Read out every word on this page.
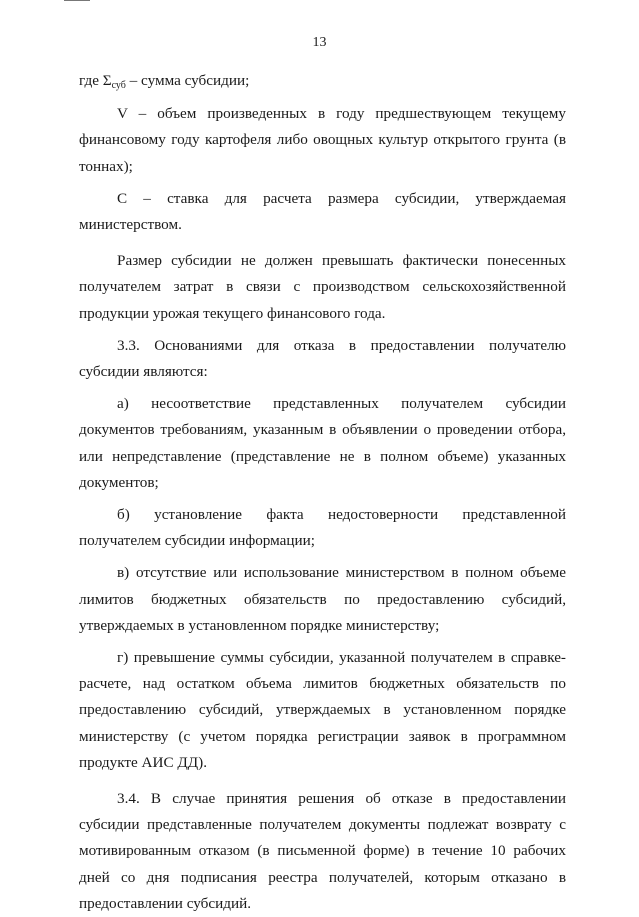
13

где $\Sigma_{суб}$ – сумма субсидии;

V – объем произведенных в году предшествующем текущему финансовому году картофеля либо овощных культур открытого грунта (в тоннах);

С – ставка для расчета размера субсидии, утверждаемая министерством.

Размер субсидии не должен превышать фактически понесенных получателем затрат в связи с производством сельскохозяйственной продукции урожая текущего финансового года.

3.3. Основаниями для отказа в предоставлении получателю субсидии являются:

а) несоответствие представленных получателем субсидии документов требованиям, указанным в объявлении о проведении отбора, или непредставление (представление не в полном объеме) указанных документов;

б) установление факта недостоверности представленной получателем субсидии информации;

в) отсутствие или использование министерством в полном объеме лимитов бюджетных обязательств по предоставлению субсидий, утверждаемых в установленном порядке министерству;

г) превышение суммы субсидии, указанной получателем в справке-расчете, над остатком объема лимитов бюджетных обязательств по предоставлению субсидий, утверждаемых в установленном порядке министерству (с учетом порядка регистрации заявок в программном продукте АИС ДД).

3.4. В случае принятия решения об отказе в предоставлении субсидии представленные получателем документы подлежат возврату с мотивированным отказом (в письменной форме) в течение 10 рабочих дней со дня подписания реестра получателей, которым отказано в предоставлении субсидий.
